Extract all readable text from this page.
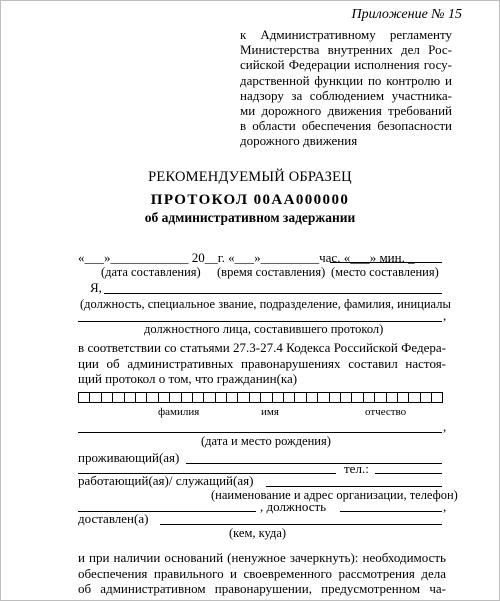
Приложение № 15
к Административному регламенту
Министерства внутренних дел Рос-
сийской Федерации исполнения госу-
дарственной функции по контролю и
надзору за соблюдением участника-
ми дорожного движения требований
в области обеспечения безопасности
дорожного движения
РЕКОМЕНДУЕМЫЙ ОБРАЗЕЦ
ПРОТОКОЛ 00АА000000
об административном задержании
«___»____________ 20__г. «___»_________час. «___» мин. _
(дата составления) (время составления) (место составления)
Я,
(должность, специальное звание, подразделение, фамилия, инициалы
,
должностного лица, составившего протокол)
в соответствии со статьями 27.3-27.4 Кодекса Российской Федера-
ции об административных правонарушениях составил настоя-
щий протокол о том, что гражданин(ка)
фамилия	имя	отчество
,
(дата и место рождения)
проживающий(ая)
тел.:
работающий(ая)/ служащий(ая)
(наименование и адрес организации, телефон)
, должность	,
доставлен(а)
(кем, куда)
и при наличии оснований (ненужное зачеркнуть): необходимость
обеспечения правильного и своевременного рассмотрения дела
об административном правонарушении, предусмотренном ча-
